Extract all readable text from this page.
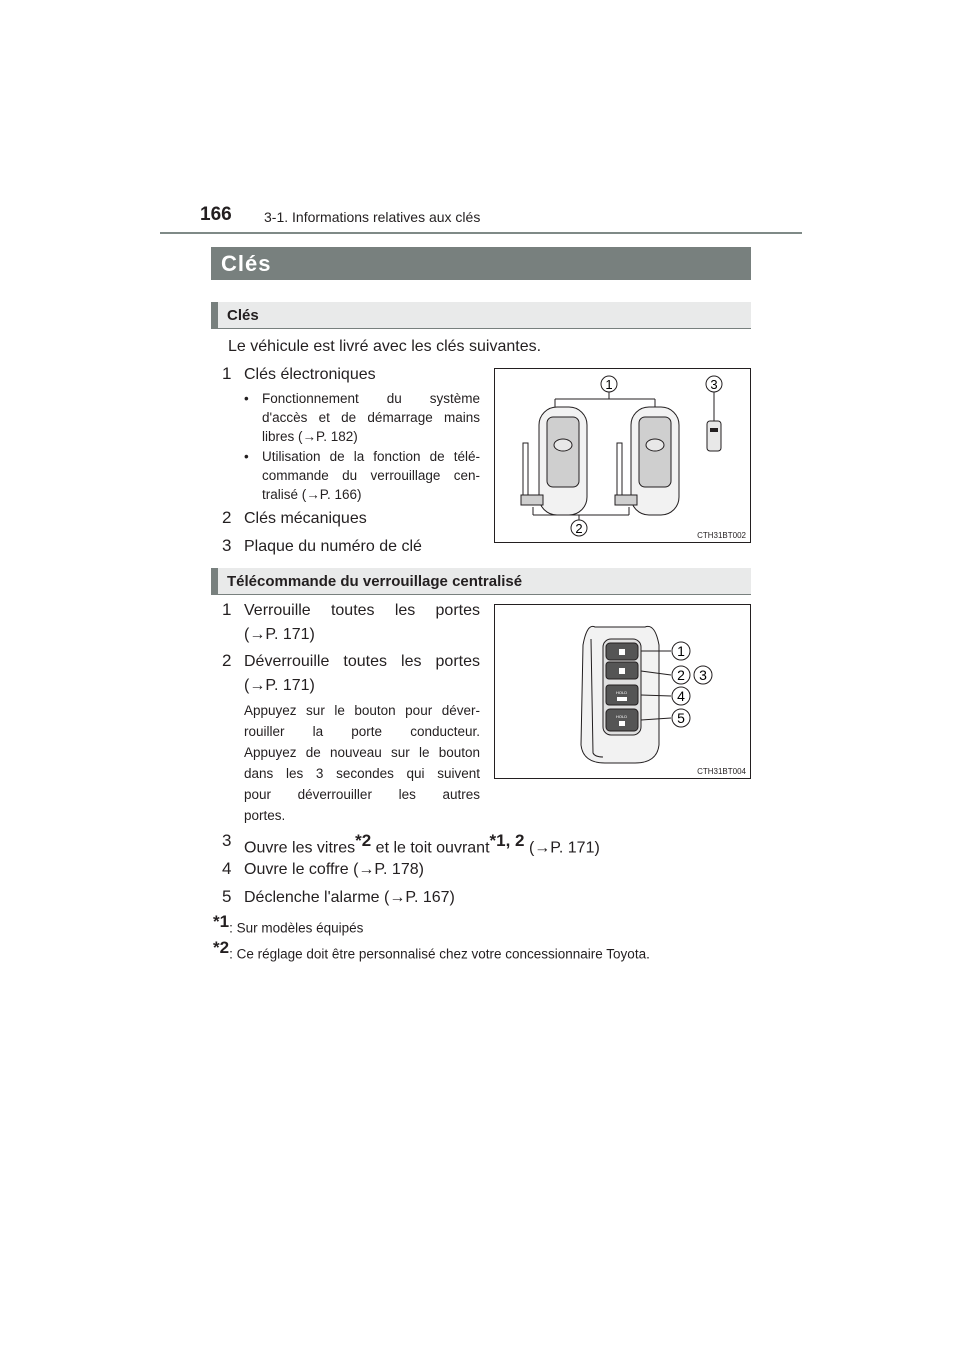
166 3-1. Informations relatives aux clés
Clés
Clés
Le véhicule est livré avec les clés suivantes.
1 Clés électroniques
• Fonctionnement du système
d'accès et de démarrage mains
libres (→P. 182)
• Utilisation de la fonction de télé-
commande du verrouillage cen-
tralisé (→P. 166)
2 Clés mécaniques
3 Plaque du numéro de clé
1	3
2	CTH31BT002
Télécommande du verrouillage centralisé
1 Verrouille toutes les portes
(→P. 171)
2 Déverrouille toutes les portes
(→P. 171)
Appuyez sur le bouton pour déver-
rouiller la porte conducteur.
Appuyez de nouveau sur le bouton
dans les 3 secondes qui suivent
pour déverrouiller les autres
portes.
HOLD
HOLD
1
2 3
4
5
CTH31BT004
3 Ouvre les vitres$^{*2}$ et le toit ouvrant$^{*1, 2}$ (→P. 171)
4 Ouvre le coffre (→P. 178)
5 Déclenche l'alarme (→P. 167)
$^{*1}$: Sur modèles équipés
$^{*2}$: Ce réglage doit être personnalisé chez votre concessionnaire Toyota.
